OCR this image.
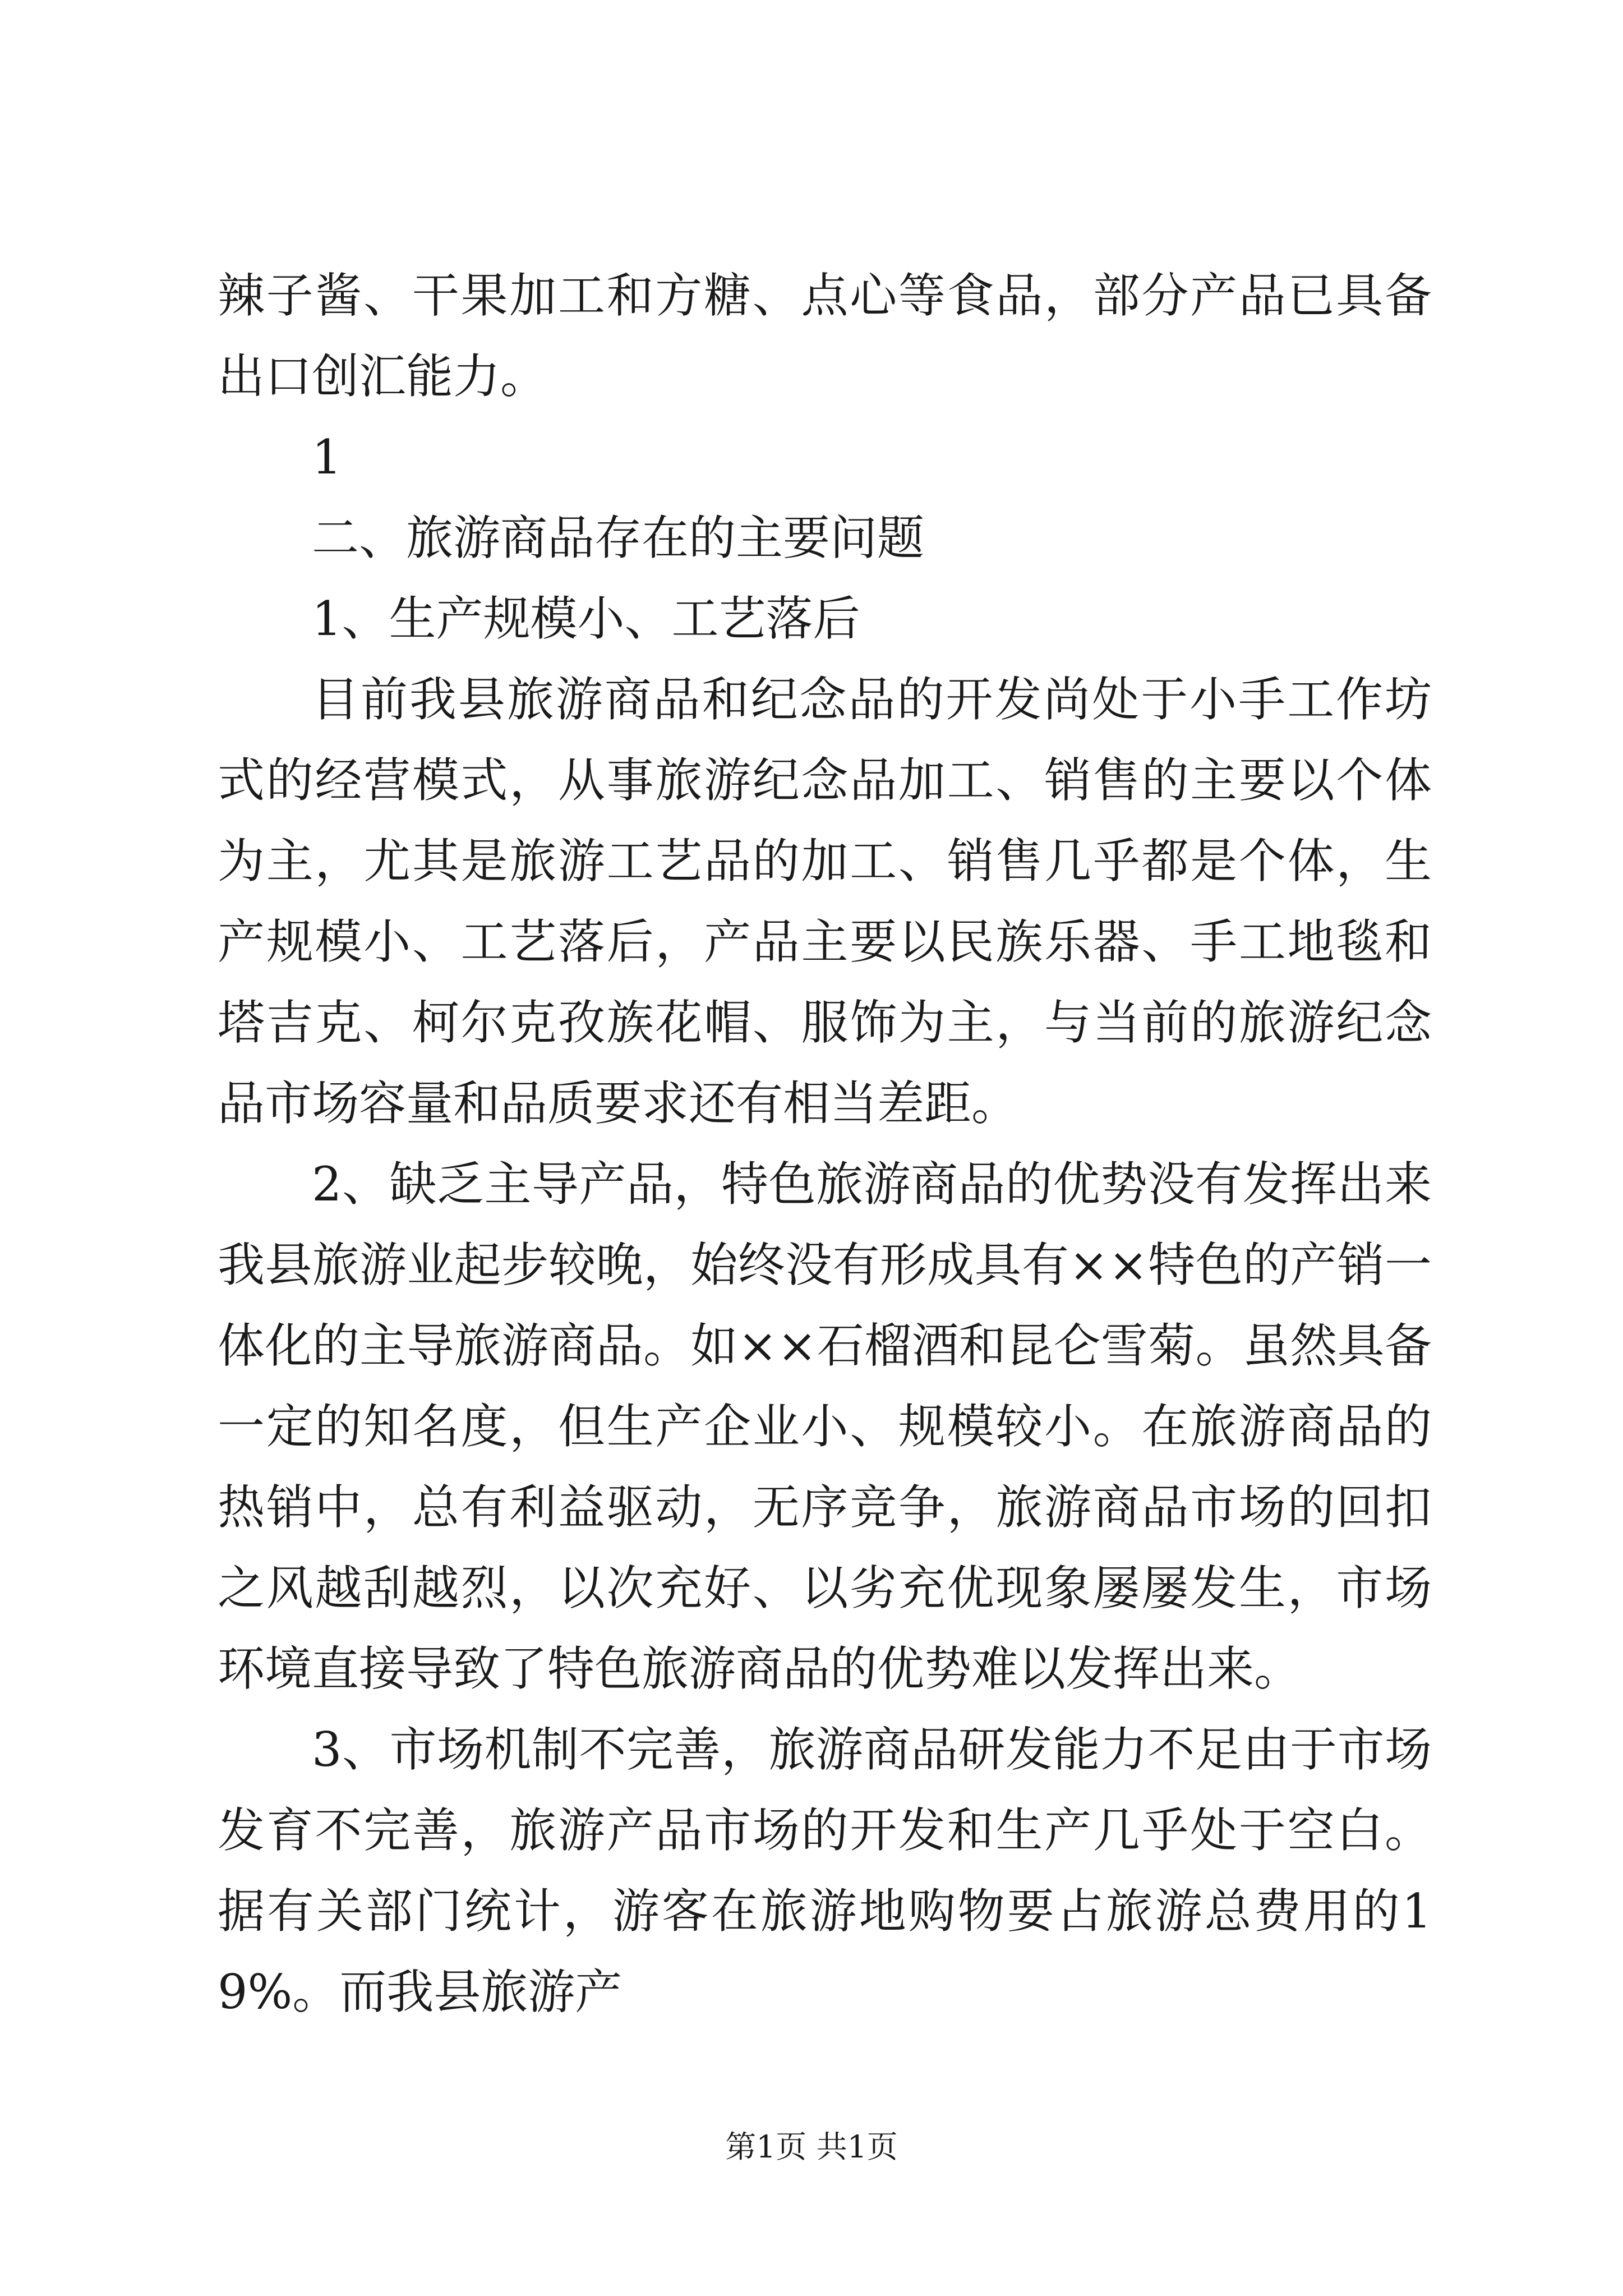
辣子酱、干果加工和方糖、点心等食品，部分产品已具备出口创汇能力。

1

二、旅游商品存在的主要问题

1、生产规模小、工艺落后

目前我县旅游商品和纪念品的开发尚处于小手工作坊式的经营模式，从事旅游纪念品加工、销售的主要以个体为主，尤其是旅游工艺品的加工、销售几乎都是个体，生产规模小、工艺落后，产品主要以民族乐器、手工地毯和塔吉克、柯尔克孜族花帽、服饰为主，与当前的旅游纪念品市场容量和品质要求还有相当差距。

2、缺乏主导产品，特色旅游商品的优势没有发挥出来我县旅游业起步较晚，始终没有形成具有××特色的产销一体化的主导旅游商品。如××石榴酒和昆仑雪菊。虽然具备一定的知名度，但生产企业小、规模较小。在旅游商品的热销中，总有利益驱动，无序竞争，旅游商品市场的回扣之风越刮越烈，以次充好、以劣充优现象屡屡发生，市场环境直接导致了特色旅游商品的优势难以发挥出来。

3、市场机制不完善，旅游商品研发能力不足由于市场发育不完善，旅游产品市场的开发和生产几乎处于空白。据有关部门统计，游客在旅游地购物要占旅游总费用的19%。而我县旅游产

第1页 共1页
